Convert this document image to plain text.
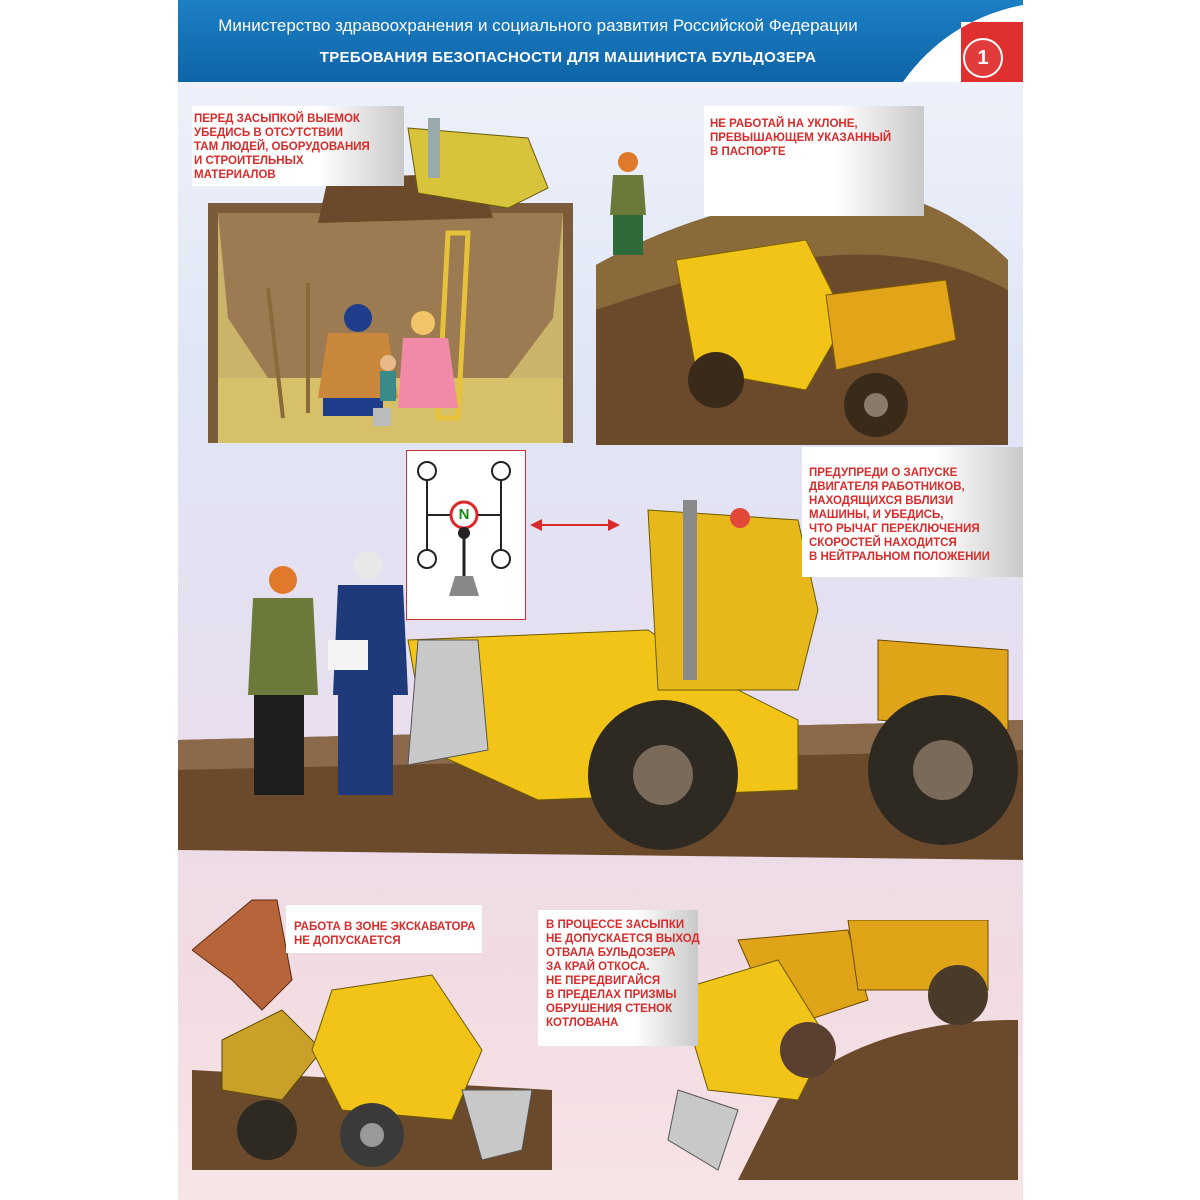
Министерство здравоохранения и социального развития Российской Федерации
ТРЕБОВАНИЯ БЕЗОПАСНОСТИ ДЛЯ МАШИНИСТА БУЛЬДОЗЕРА	1
ПЕРЕД ЗАСЫПКОЙ ВЫЕМОК
УБЕДИСЬ В ОТСУТСТВИИ
ТАМ ЛЮДЕЙ, ОБОРУДОВАНИЯ
И СТРОИТЕЛЬНЫХ
МАТЕРИАЛОВ
НЕ РАБОТАЙ НА УКЛОНЕ,
ПРЕВЫШАЮЩЕМ УКАЗАННЫЙ
В ПАСПОРТЕ
N
ПРЕДУПРЕДИ О ЗАПУСКЕ
ДВИГАТЕЛЯ РАБОТНИКОВ,
НАХОДЯЩИХСЯ ВБЛИЗИ
МАШИНЫ, И УБЕДИСЬ,
ЧТО РЫЧАГ ПЕРЕКЛЮЧЕНИЯ
СКОРОСТЕЙ НАХОДИТСЯ
В НЕЙТРАЛЬНОМ ПОЛОЖЕНИИ
РАБОТА В ЗОНЕ ЭКСКАВАТОРА
НЕ ДОПУСКАЕТСЯ
В ПРОЦЕССЕ ЗАСЫПКИ
НЕ ДОПУСКАЕТСЯ ВЫХОД
ОТВАЛА БУЛЬДОЗЕРА
ЗА КРАЙ ОТКОСА.
НЕ ПЕРЕДВИГАЙСЯ
В ПРЕДЕЛАХ ПРИЗМЫ
ОБРУШЕНИЯ СТЕНОК
КОТЛОВАНА
